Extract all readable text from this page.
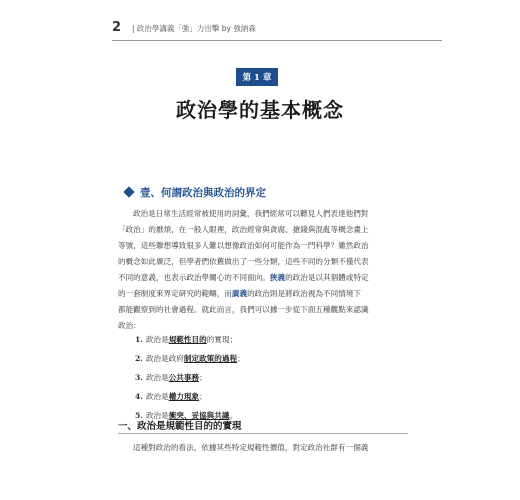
2 | 政治學講義「強」力出擊 by 強納森
第 1 章
政治學的基本概念
壹、何謂政治與政治的界定
政治是日常生活經常被使用的詞彙，我們經常可以聽見人們表達他們對
「政治」的厭煩，在一般人眼裡，政治經常與貪腐、搶錢與混亂等概念畫上
等號，這些聯想導致很多人難以想像政治如何可能作為一門科學？雖然政治
的概念如此廣泛，但學者們依舊做出了一些分類，這些不同的分類不僅代表
不同的意義，也表示政治學關心的不同面向。狹義的政治是以其個體或特定
的一套制度來界定研究的範疇，而廣義的政治則是將政治視為不同情境下
都能觀察到的社會過程。就此而言，我們可以據一步從下面五種觀點來認識
政治：
1. 政治是規範性目的的實現；
2. 政治是政府制定政策的過程；
3. 政治是公共事務；
4. 政治是權力現象；
5. 政治是衝突、妥協與共識。
一、政治是規範性目的的實現
這種對政治的看法，依據其些特定規範性價值，對定政治社群有一個義
